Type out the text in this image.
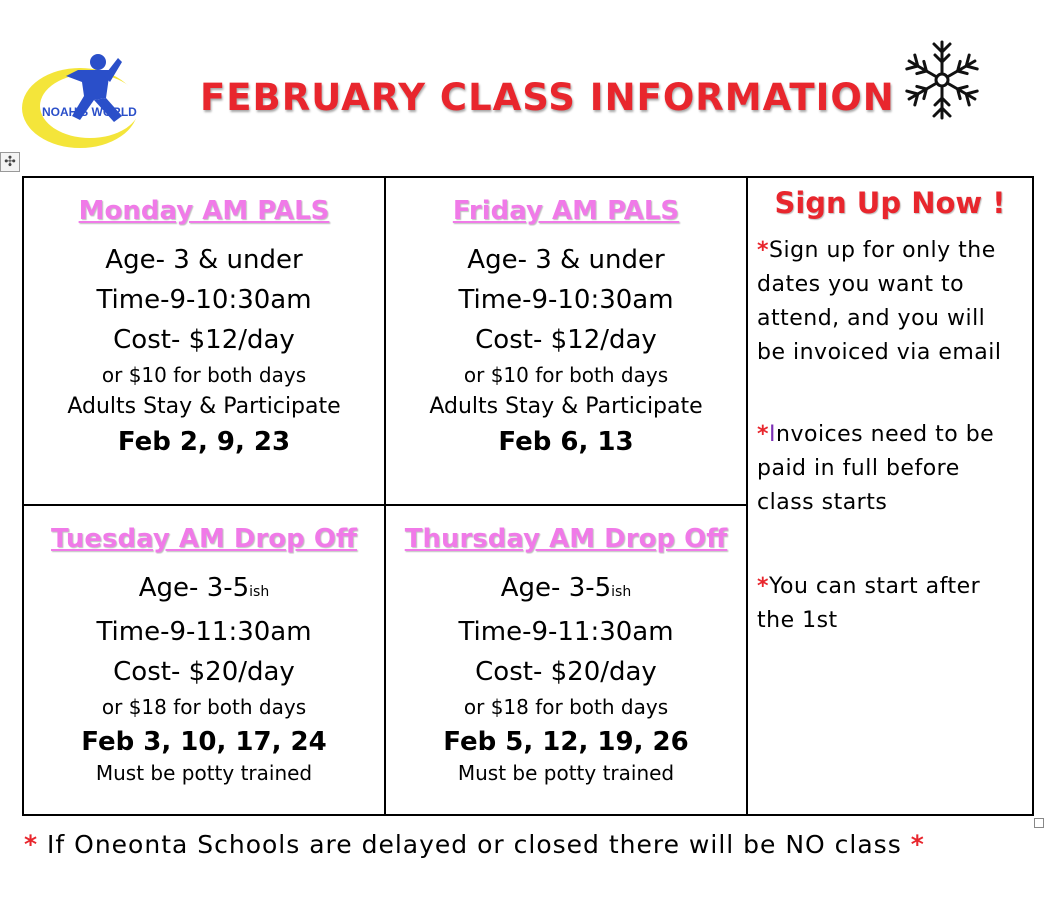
NOAH'S WORLD FEBRUARY CLASS INFORMATION
✣
Monday AM PALS
Age- 3 & under
Time-9-10:30am
Cost- $12/day
or $10 for both days
Adults Stay & Participate
Feb 2, 9, 23
Friday AM PALS
Age- 3 & under
Time-9-10:30am
Cost- $12/day
or $10 for both days
Adults Stay & Participate
Feb 6, 13
Tuesday AM Drop Off
Age- 3-5ish
Time-9-11:30am
Cost- $20/day
or $18 for both days
Feb 3, 10, 17, 24
Must be potty trained
Thursday AM Drop Off
Age- 3-5ish
Time-9-11:30am
Cost- $20/day
or $18 for both days
Feb 5, 12, 19, 26
Must be potty trained
Sign Up Now !

*Sign up for only the
dates you want to
attend, and you will
be invoiced via email

*Invoices need to be
paid in full before
class starts

*You can start after
the 1st

* If Oneonta Schools are delayed or closed there will be NO class *
